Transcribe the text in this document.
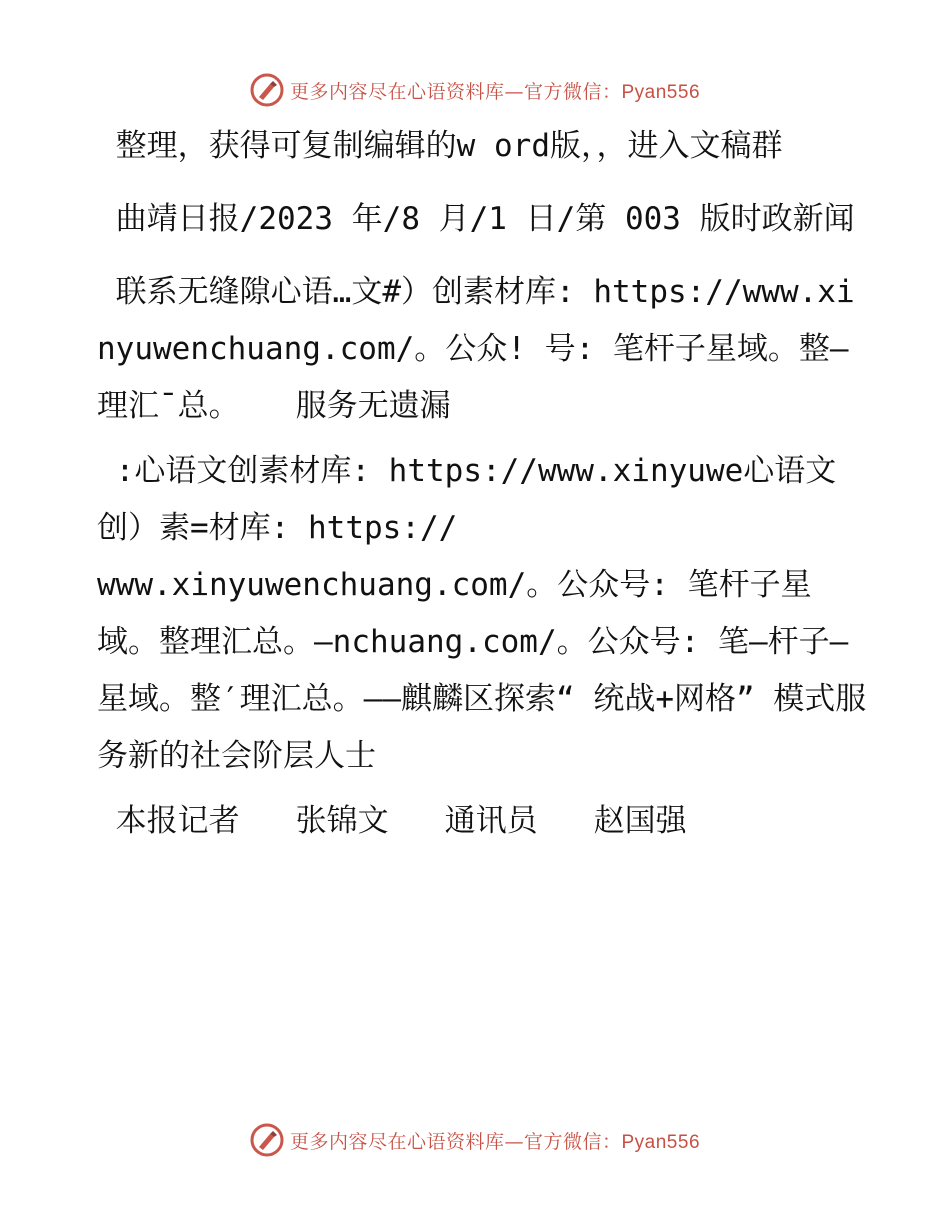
更多内容尽在心语资料库—官方微信：Pyan556

整理，获得可复制编辑的w ord版，，进入文稿群

曲靖日报/2023 年/8 月/1 日/第 003 版时政新闻

联系无缝隙心语…文#）创素材库: https://www.xinyuwenchuang.com/。公众! 号: 笔杆子星域。整—理汇¯总。   服务无遗漏

:心语文创素材库: https://www.xinyuwe心语文创）素=材库: https://
www.xinyuwenchuang.com/。公众号: 笔杆子星域。整理汇总。—nchuang.com/。公众号: 笔—杆子—星域。整′理汇总。——麒麟区探索“ 统战+网格” 模式服务新的社会阶层人士

本报记者   张锦文   通讯员   赵国强

更多内容尽在心语资料库—官方微信：Pyan556
